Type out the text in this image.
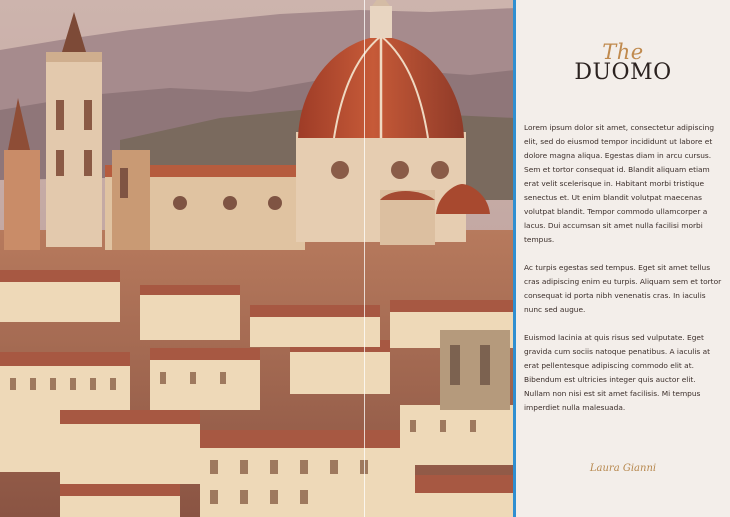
The
DUOMO

Lorem ipsum dolor sit amet, consectetur adipiscing elit, sed do eiusmod tempor incididunt ut labore et dolore magna aliqua. Egestas diam in arcu cursus. Sem et tortor consequat id. Blandit aliquam etiam erat velit scelerisque in. Habitant morbi tristique senectus et. Ut enim blandit volutpat maecenas volutpat blandit. Tempor commodo ullamcorper a lacus. Dui accumsan sit amet nulla facilisi morbi tempus.

Ac turpis egestas sed tempus. Eget sit amet tellus cras adipiscing enim eu turpis. Aliquam sem et tortor consequat id porta nibh venenatis cras. In iaculis nunc sed augue.

Euismod lacinia at quis risus sed vulputate. Eget gravida cum sociis natoque penatibus. A iaculis at erat pellentesque adipiscing commodo elit at. Bibendum est ultricies integer quis auctor elit. Nullam non nisi est sit amet facilisis. Mi tempus imperdiet nulla malesuada.

Laura Gianni
